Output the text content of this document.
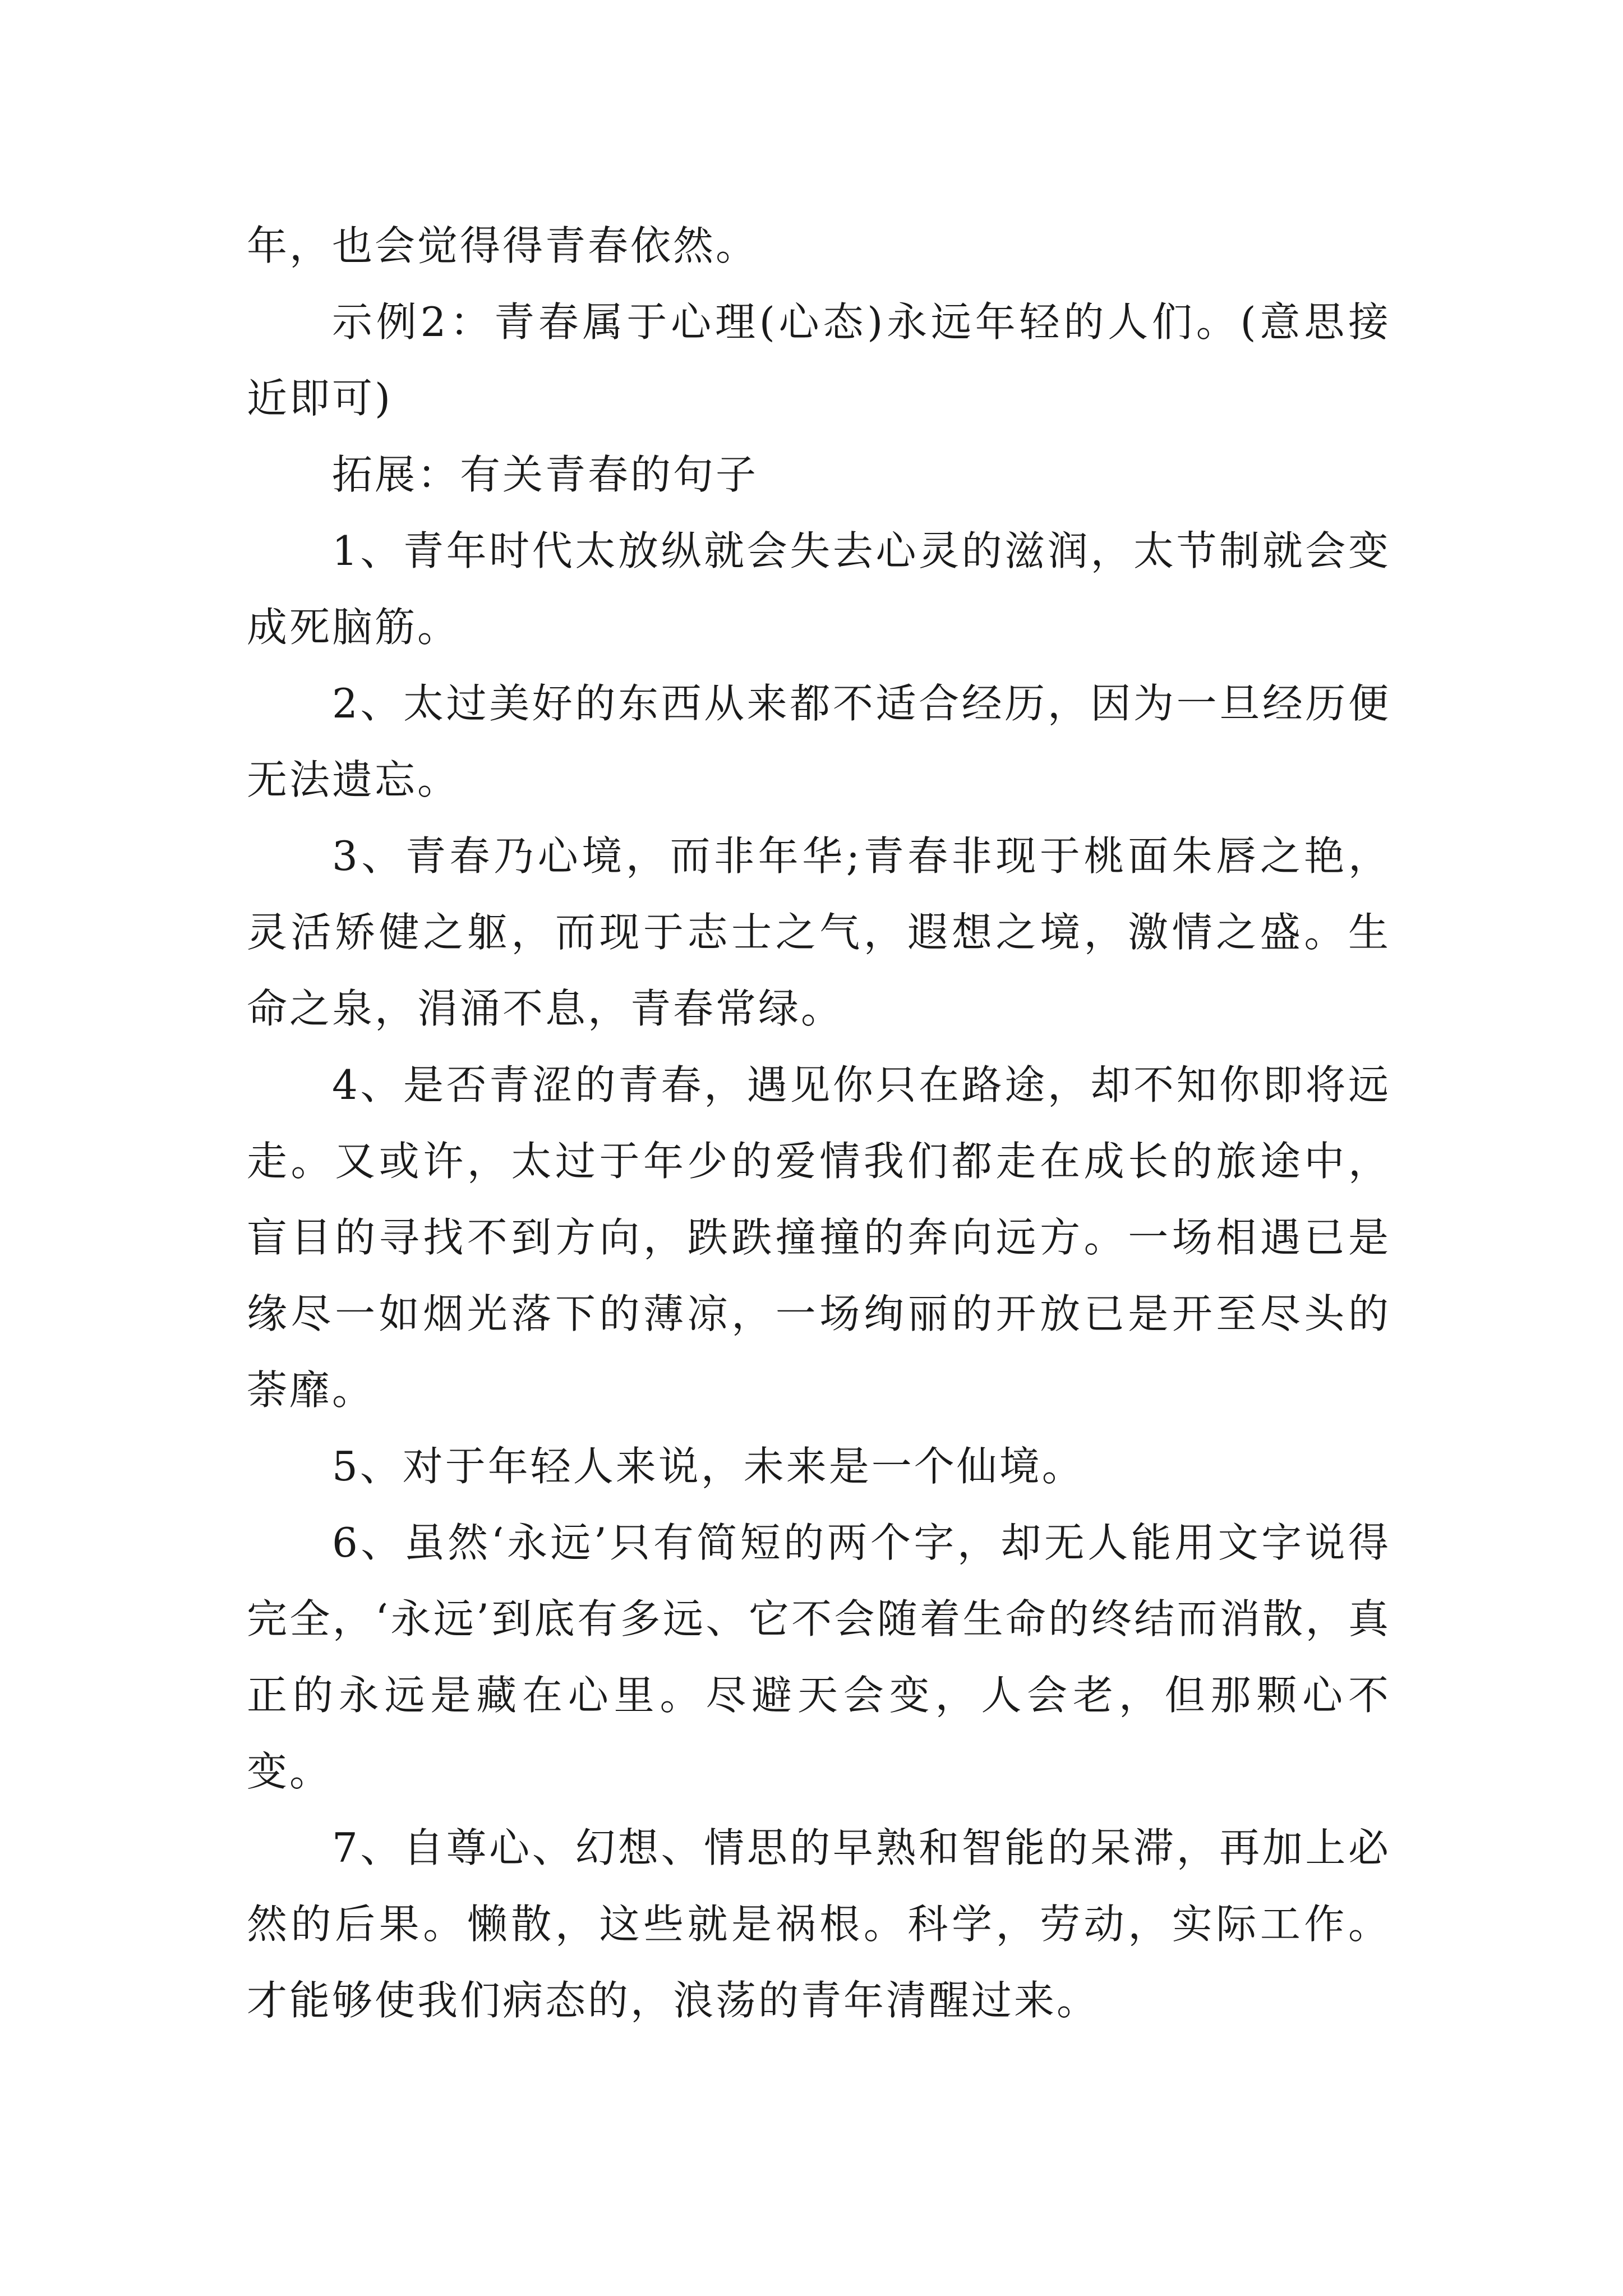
年，也会觉得得青春依然。

示例2：青春属于心理(心态)永远年轻的人们。(意思接近即可)

拓展：有关青春的句子

1、青年时代太放纵就会失去心灵的滋润，太节制就会变成死脑筋。

2、太过美好的东西从来都不适合经历，因为一旦经历便无法遗忘。

3、青春乃心境，而非年华;青春非现于桃面朱唇之艳，灵活矫健之躯，而现于志士之气，遐想之境，激情之盛。生命之泉，涓涌不息，青春常绿。

4、是否青涩的青春，遇见你只在路途，却不知你即将远走。又或许，太过于年少的爱情我们都走在成长的旅途中，盲目的寻找不到方向，跌跌撞撞的奔向远方。一场相遇已是缘尽一如烟光落下的薄凉，一场绚丽的开放已是开至尽头的荼靡。

5、对于年轻人来说，未来是一个仙境。

6、虽然‘永远’只有简短的两个字，却无人能用文字说得完全，‘永远’到底有多远、它不会随着生命的终结而消散，真正的永远是藏在心里。尽避天会变，人会老，但那颗心不变。

7、自尊心、幻想、情思的早熟和智能的呆滞，再加上必然的后果。懒散，这些就是祸根。科学，劳动，实际工作。才能够使我们病态的，浪荡的青年清醒过来。
